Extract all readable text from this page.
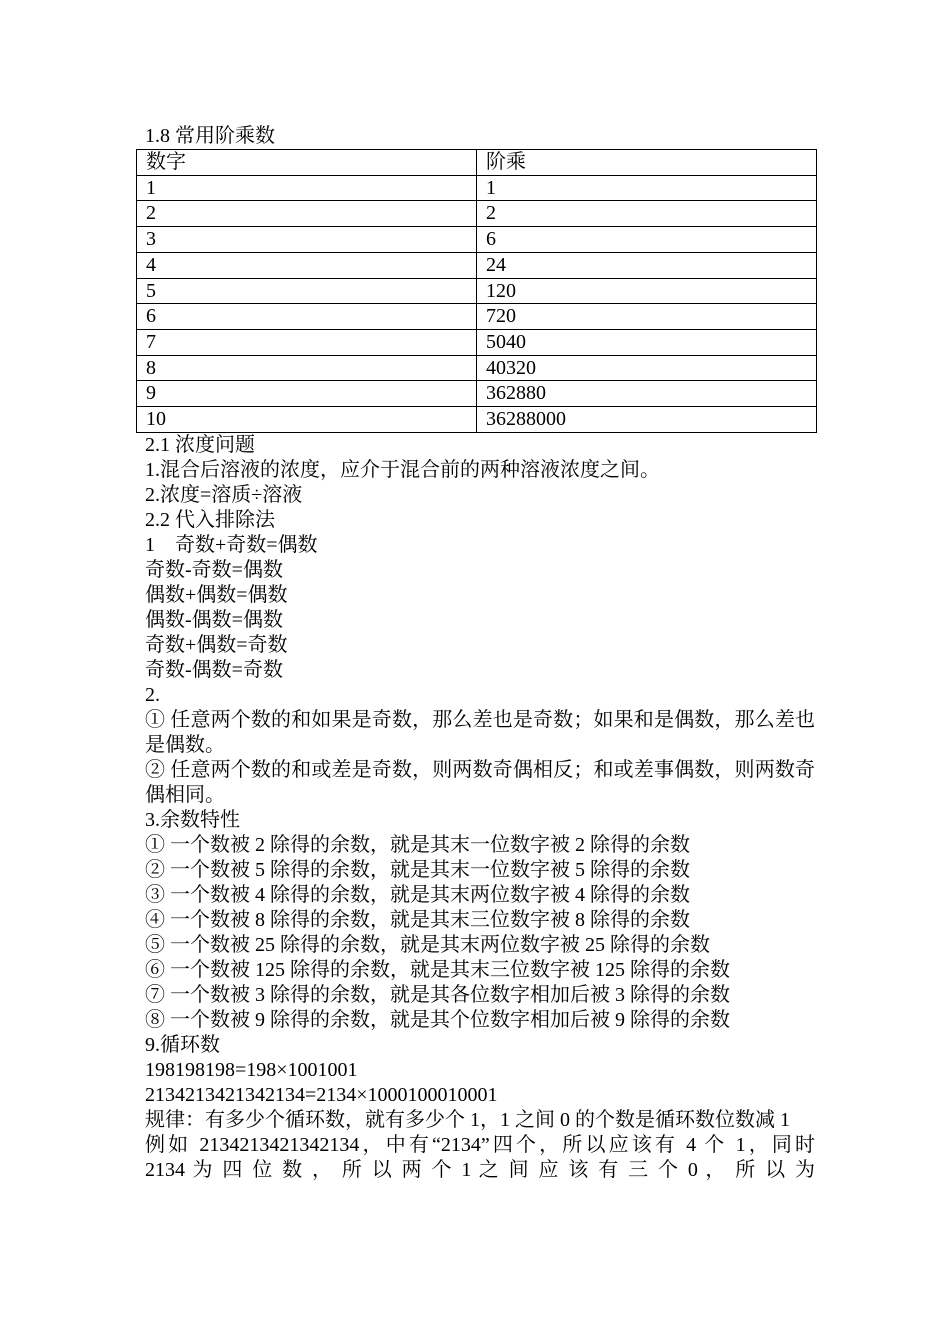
1.8 常用阶乘数
数字	阶乘
1	1
2	2
3	6
4	24
5	120
6	720
7	5040
8	40320
9	362880
10	36288000
2.1 浓度问题
1.混合后溶液的浓度，应介于混合前的两种溶液浓度之间。
2.浓度=溶质÷溶液
2.2 代入排除法
1　奇数+奇数=偶数
奇数-奇数=偶数
偶数+偶数=偶数
偶数-偶数=偶数
奇数+偶数=奇数
奇数-偶数=奇数
2.
① 任意两个数的和如果是奇数，那么差也是奇数；如果和是偶数，那么差也是偶数。
② 任意两个数的和或差是奇数，则两数奇偶相反；和或差事偶数，则两数奇偶相同。
3.余数特性
① 一个数被 2 除得的余数，就是其末一位数字被 2 除得的余数
② 一个数被 5 除得的余数，就是其末一位数字被 5 除得的余数
③ 一个数被 4 除得的余数，就是其末两位数字被 4 除得的余数
④ 一个数被 8 除得的余数，就是其末三位数字被 8 除得的余数
⑤ 一个数被 25 除得的余数，就是其末两位数字被 25 除得的余数
⑥ 一个数被 125 除得的余数，就是其末三位数字被 125 除得的余数
⑦ 一个数被 3 除得的余数，就是其各位数字相加后被 3 除得的余数
⑧ 一个数被 9 除得的余数，就是其个位数字相加后被 9 除得的余数
9.循环数
198198198=198×1001001
2134213421342134=2134×1000100010001
规律：有多少个循环数，就有多少个 1，1 之间 0 的个数是循环数位数减 1
例如 2134213421342134，中有“2134”四个，所以应该有 4 个 1，同时
2134 为 四 位 数 ， 所 以 两 个 1 之 间 应 该 有 三 个 0 ， 所 以 为
